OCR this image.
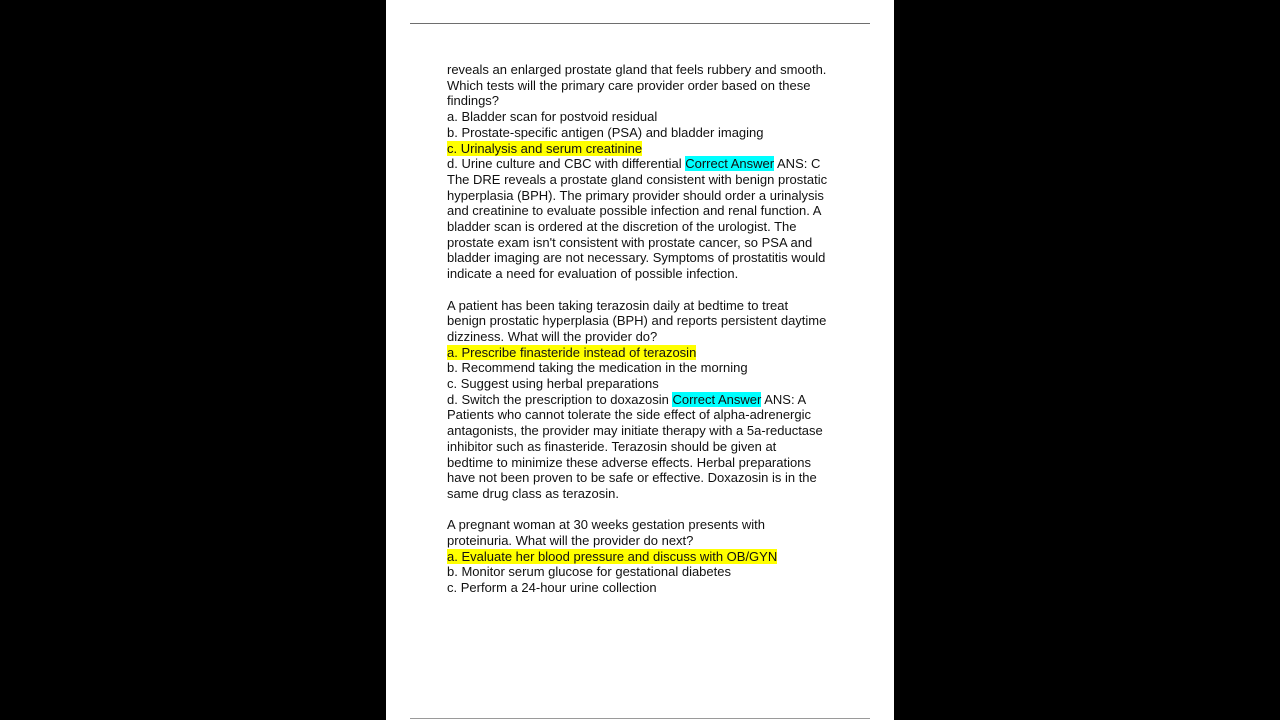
reveals an enlarged prostate gland that feels rubbery and smooth.
Which tests will the primary care provider order based on these
findings?
a. Bladder scan for postvoid residual
b. Prostate-specific antigen (PSA) and bladder imaging
c. Urinalysis and serum creatinine
d. Urine culture and CBC with differential Correct Answer ANS: C
The DRE reveals a prostate gland consistent with benign prostatic
hyperplasia (BPH). The primary provider should order a urinalysis
and creatinine to evaluate possible infection and renal function. A
bladder scan is ordered at the discretion of the urologist. The
prostate exam isn't consistent with prostate cancer, so PSA and
bladder imaging are not necessary. Symptoms of prostatitis would
indicate a need for evaluation of possible infection.
A patient has been taking terazosin daily at bedtime to treat
benign prostatic hyperplasia (BPH) and reports persistent daytime
dizziness. What will the provider do?
a. Prescribe finasteride instead of terazosin
b. Recommend taking the medication in the morning
c. Suggest using herbal preparations
d. Switch the prescription to doxazosin Correct Answer ANS: A
Patients who cannot tolerate the side effect of alpha-adrenergic
antagonists, the provider may initiate therapy with a 5a-reductase
inhibitor such as finasteride. Terazosin should be given at
bedtime to minimize these adverse effects. Herbal preparations
have not been proven to be safe or effective. Doxazosin is in the
same drug class as terazosin.
A pregnant woman at 30 weeks gestation presents with
proteinuria. What will the provider do next?
a. Evaluate her blood pressure and discuss with OB/GYN
b. Monitor serum glucose for gestational diabetes
c. Perform a 24-hour urine collection
